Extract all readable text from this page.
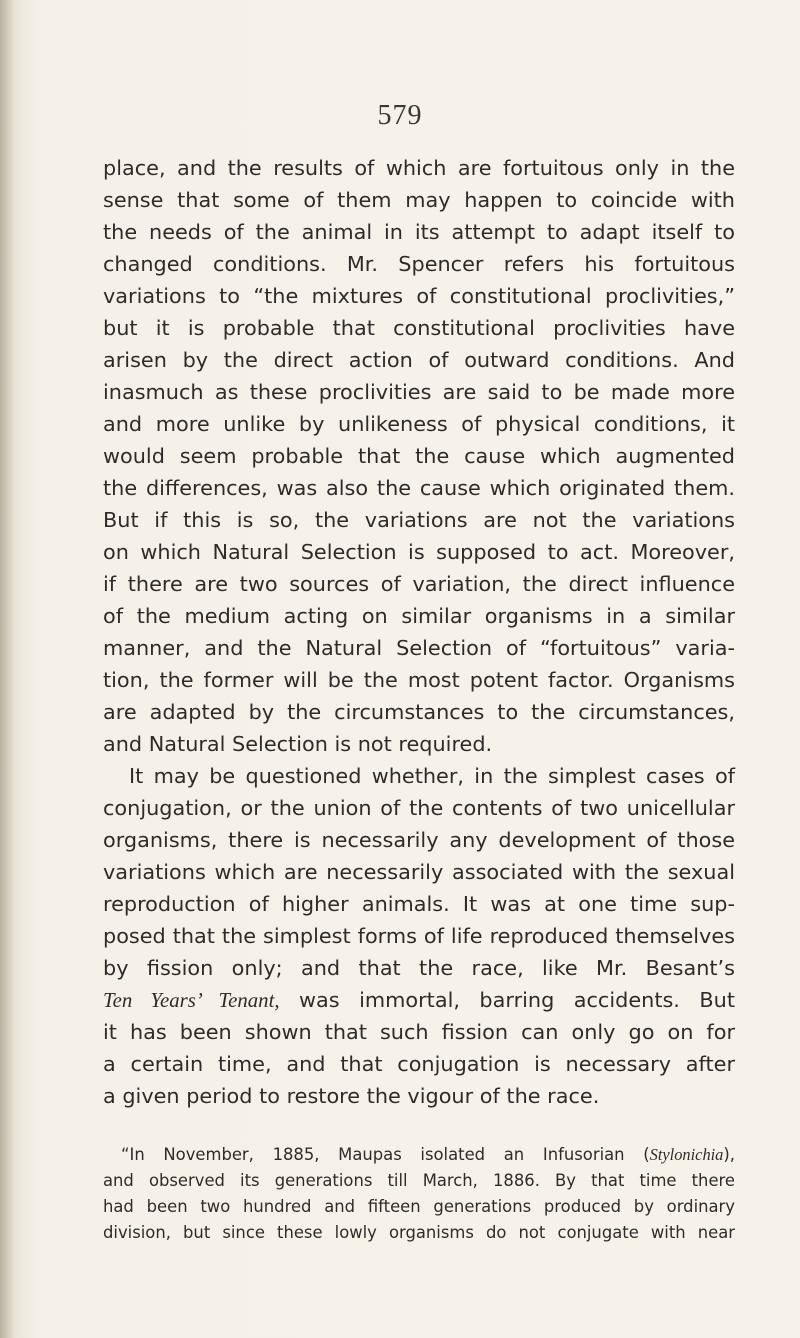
579
place, and the results of which are fortuitous only in the
sense that some of them may happen to coincide with
the needs of the animal in its attempt to adapt itself to
changed conditions. Mr. Spencer refers his fortuitous
variations to “the mixtures of constitutional proclivities,”
but it is probable that constitutional proclivities have
arisen by the direct action of outward conditions. And
inasmuch as these proclivities are said to be made more
and more unlike by unlikeness of physical conditions, it
would seem probable that the cause which augmented
the differences, was also the cause which originated them.
But if this is so, the variations are not the variations
on which Natural Selection is supposed to act. Moreover,
if there are two sources of variation, the direct influence
of the medium acting on similar organisms in a similar
manner, and the Natural Selection of “fortuitous” varia-
tion, the former will be the most potent factor. Organisms
are adapted by the circumstances to the circumstances,
and Natural Selection is not required.
It may be questioned whether, in the simplest cases of
conjugation, or the union of the contents of two unicellular
organisms, there is necessarily any development of those
variations which are necessarily associated with the sexual
reproduction of higher animals. It was at one time sup-
posed that the simplest forms of life reproduced themselves
by fission only; and that the race, like Mr. Besant’s
Ten Years’ Tenant, was immortal, barring accidents. But
it has been shown that such fission can only go on for
a certain time, and that conjugation is necessary after
a given period to restore the vigour of the race.
“In November, 1885, Maupas isolated an Infusorian (Stylonichia),
and observed its generations till March, 1886. By that time there
had been two hundred and fifteen generations produced by ordinary
division, but since these lowly organisms do not conjugate with near
